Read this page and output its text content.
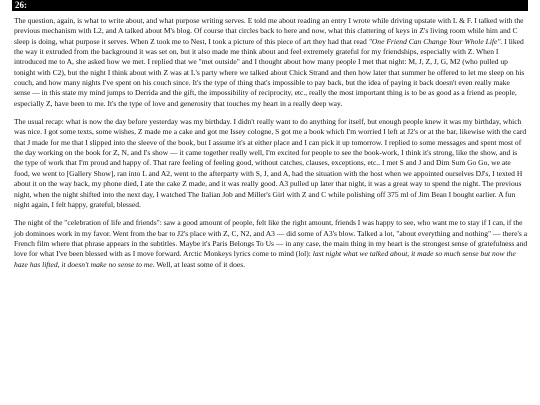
26:

The question, again, is what to write about, and what purpose writing serves. E told me about reading an entry I wrote while driving upstate with L & F. I talked with the previous mechanism with L2, and A talked about M's blog. Of course that circles back to here and now, what this clattering of keys in Z's living room while him and C sleep is doing, what purpose it serves. When Z took me to Nest, I took a picture of this piece of art they had that read "One Friend Can Change Your Whole Life". I liked the way it extruded from the background it was set on, but it also made me think about and feel extremely grateful for my friendships, especially with Z. When I introduced me to A, she asked how we met. I replied that we "met outside" and I thought about how many people I met that night: M, J, Z, J, G, M2 (who pulled up tonight with C2), but the night I think about with Z was at L's party where we talked about Chick Strand and then how later that summer he offered to let me sleep on his couch, and how many nights I've spent on his couch since. It's the type of thing that's impossible to pay back, but the idea of paying it back doesn't even really make sense — in this state my mind jumps to Derrida and the gift, the impossibility of reciprocity, etc., really the most important thing is to be as good as a friend as people, especially Z, have been to me. It's the type of love and generosity that touches my heart in a really deep way.

The usual recap: what is now the day before yesterday was my birthday. I didn't really want to do anything for itself, but enough people knew it was my birthday, which was nice. I got some texts, some wishes, Z made me a cake and got me Issey cologne, S got me a book which I'm worried I left at J2's or at the bar, likewise with the card that J made for me that I slipped into the sleeve of the book, but I assume it's at either place and I can pick it up tomorrow. I replied to some messages and spent most of the day working on the book for Z, N, and I's show — it came together really well, I'm excited for people to see the book-work, I think it's strong, like the show, and is the type of work that I'm proud and happy of. That rare feeling of feeling good, without catches, clauses, exceptions, etc.. I met S and J and Dim Sum Go Go, we ate food, we went to [Gallery Show], ran into L and A2, went to the afterparty with S, J, and A, had the situation with the host when we appointed ourselves DJ's, I texted H about it on the way back, my phone died, I ate the cake Z made, and it was really good. A3 pulled up later that night, it was a great way to spend the night. The previous night, when the night shifted into the next day, I watched The Italian Job and Miller's Girl with Z and C while polishing off 375 ml of Jim Bean I bought earlier. A fun night again, I felt happy, grateful, blessed.

The night of the "celebration of life and friends": saw a good amount of people, felt like the right amount, friends I was happy to see, who want me to stay if I can, if the job dominoes work in my favor. Went from the bar to J2's place with Z, C, N2, and A3 — did some of A3's blow. Talked a lot, "about everything and nothing" — there's a French film where that phrase appears in the subtitles. Maybe it's Paris Belongs To Us — in any case, the main thing in my heart is the strongest sense of gratefulness and love for what I've been blessed with as I move forward. Arctic Monkeys lyrics come to mind (lol): last night what we talked about, it made so much sense but now the haze has lifted, it doesn't make no sense to me. Well, at least some of it does.
